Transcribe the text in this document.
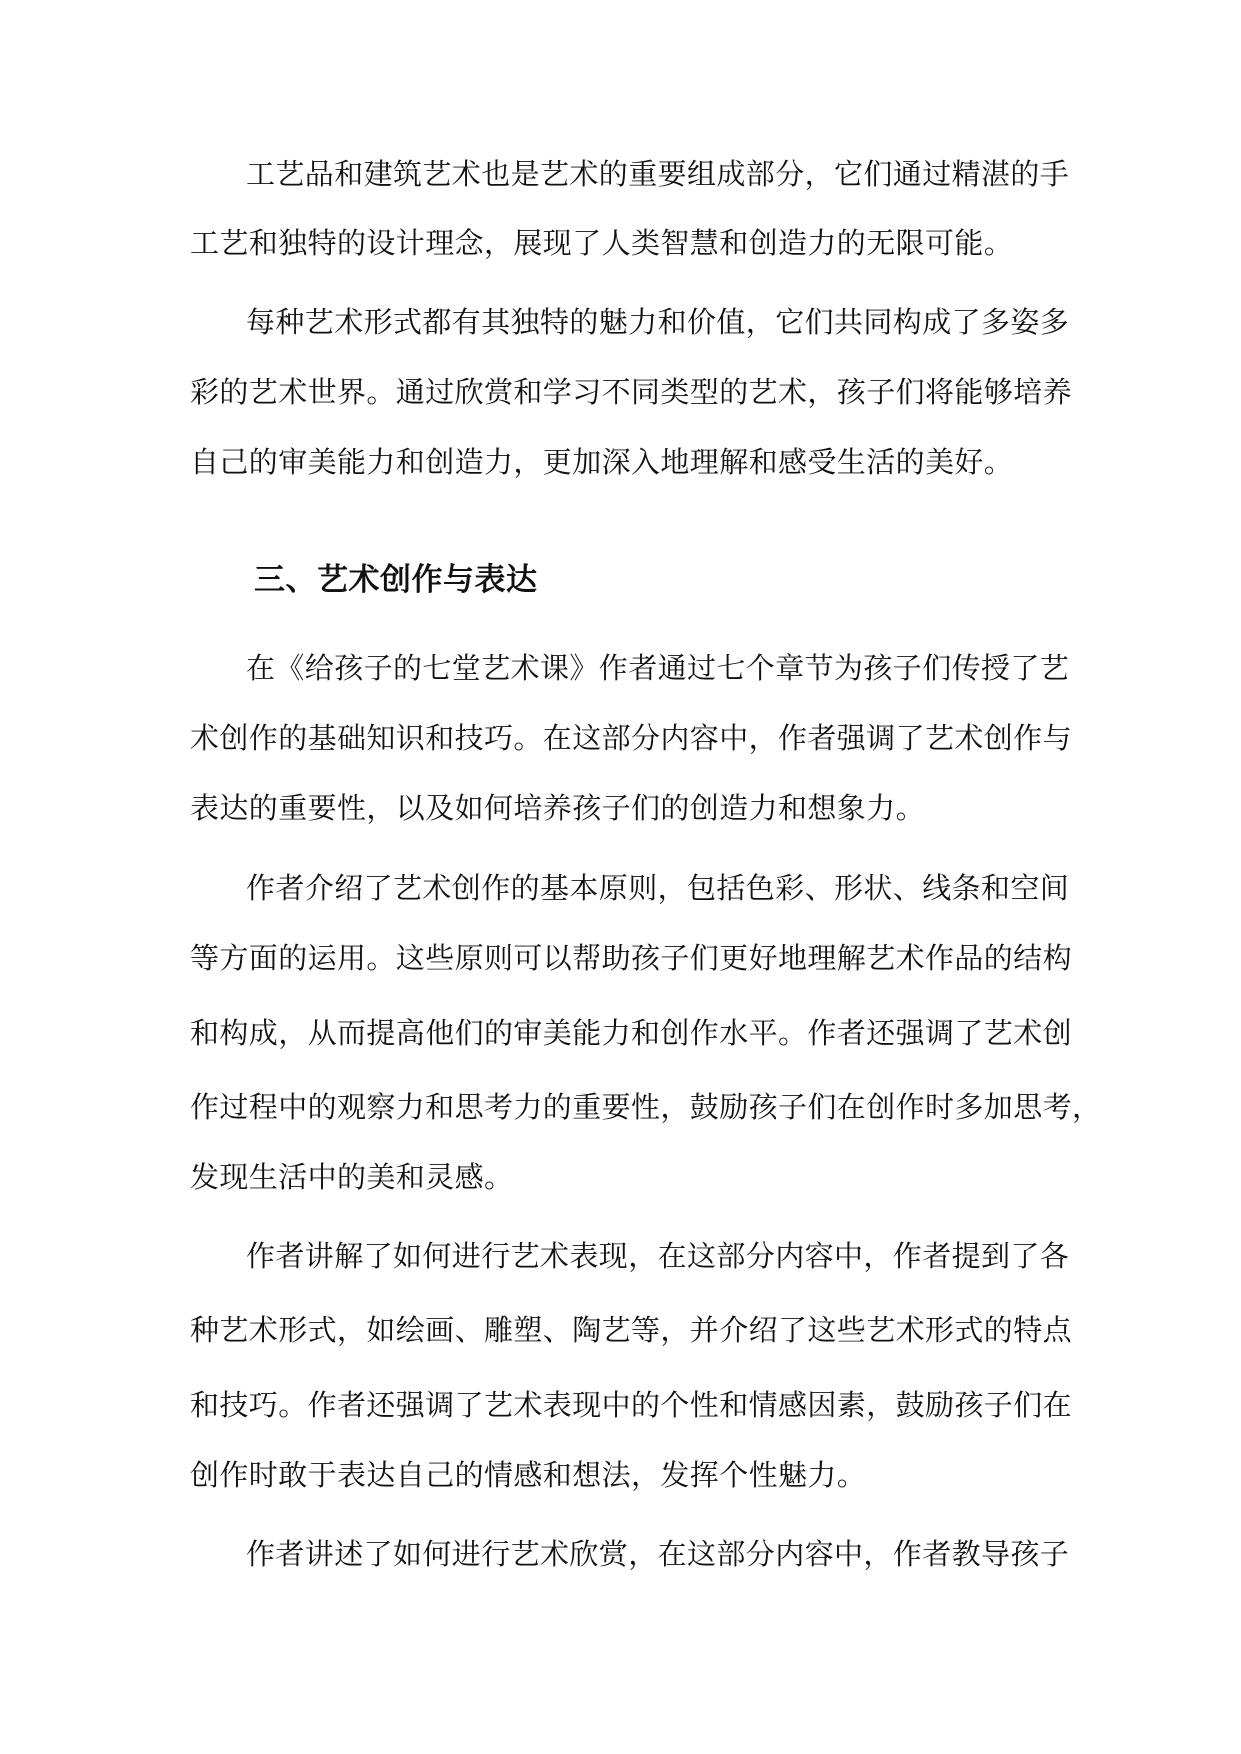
工艺品和建筑艺术也是艺术的重要组成部分，它们通过精湛的手
工艺和独特的设计理念，展现了人类智慧和创造力的无限可能。
每种艺术形式都有其独特的魅力和价值，它们共同构成了多姿多
彩的艺术世界。通过欣赏和学习不同类型的艺术，孩子们将能够培养
自己的审美能力和创造力，更加深入地理解和感受生活的美好。
三、艺术创作与表达
在《给孩子的七堂艺术课》作者通过七个章节为孩子们传授了艺
术创作的基础知识和技巧。在这部分内容中，作者强调了艺术创作与
表达的重要性，以及如何培养孩子们的创造力和想象力。
作者介绍了艺术创作的基本原则，包括色彩、形状、线条和空间
等方面的运用。这些原则可以帮助孩子们更好地理解艺术作品的结构
和构成，从而提高他们的审美能力和创作水平。作者还强调了艺术创
作过程中的观察力和思考力的重要性，鼓励孩子们在创作时多加思考，
发现生活中的美和灵感。
作者讲解了如何进行艺术表现，在这部分内容中，作者提到了各
种艺术形式，如绘画、雕塑、陶艺等，并介绍了这些艺术形式的特点
和技巧。作者还强调了艺术表现中的个性和情感因素，鼓励孩子们在
创作时敢于表达自己的情感和想法，发挥个性魅力。
作者讲述了如何进行艺术欣赏，在这部分内容中，作者教导孩子
